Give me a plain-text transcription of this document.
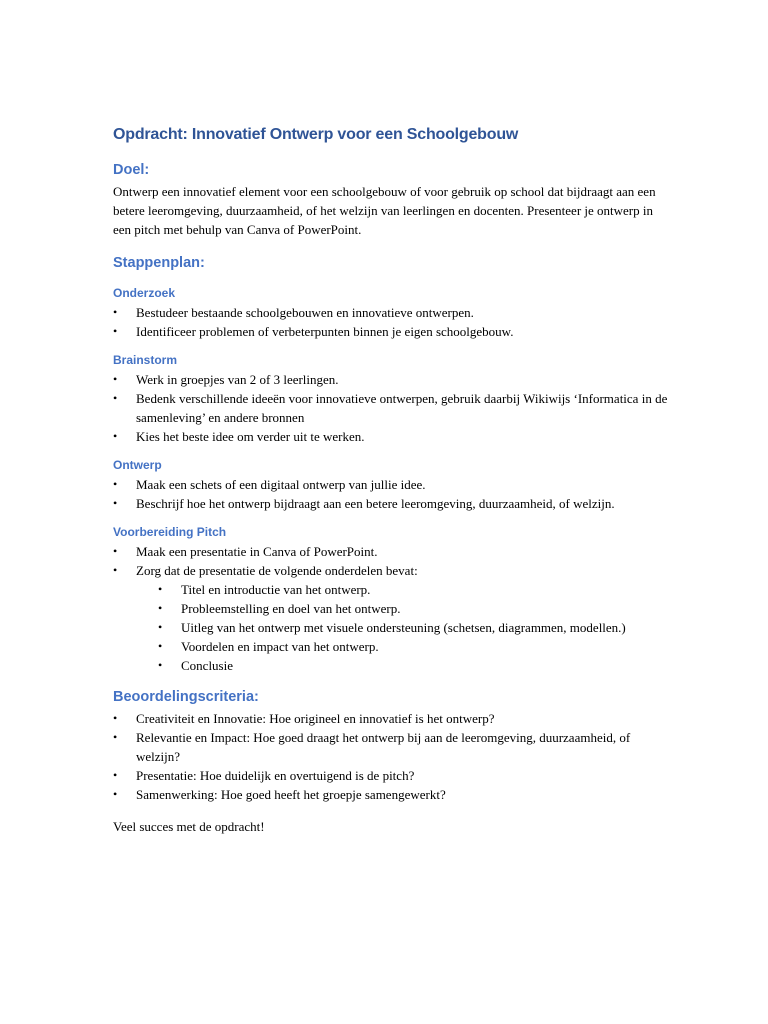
Opdracht: Innovatief Ontwerp voor een Schoolgebouw
Doel:

Ontwerp een innovatief element voor een schoolgebouw of voor gebruik op school dat bijdraagt aan een betere leeromgeving, duurzaamheid, of het welzijn van leerlingen en docenten. Presenteer je ontwerp in een pitch met behulp van Canva of PowerPoint.

Stappenplan:
Onderzoek
• Bestudeer bestaande schoolgebouwen en innovatieve ontwerpen.
• Identificeer problemen of verbeterpunten binnen je eigen schoolgebouw.
Brainstorm
• Werk in groepjes van 2 of 3 leerlingen.
• Bedenk verschillende ideeën voor innovatieve ontwerpen, gebruik daarbij Wikiwijs ‘Informatica in de samenleving’ en andere bronnen
• Kies het beste idee om verder uit te werken.
Ontwerp
• Maak een schets of een digitaal ontwerp van jullie idee.
• Beschrijf hoe het ontwerp bijdraagt aan een betere leeromgeving, duurzaamheid, of welzijn.
Voorbereiding Pitch
• Maak een presentatie in Canva of PowerPoint.
• Zorg dat de presentatie de volgende onderdelen bevat:
• Titel en introductie van het ontwerp.
• Probleemstelling en doel van het ontwerp.
• Uitleg van het ontwerp met visuele ondersteuning (schetsen, diagrammen, modellen.)
• Voordelen en impact van het ontwerp.
• Conclusie
Beoordelingscriteria:
• Creativiteit en Innovatie: Hoe origineel en innovatief is het ontwerp?
• Relevantie en Impact: Hoe goed draagt het ontwerp bij aan de leeromgeving, duurzaamheid, of welzijn?
• Presentatie: Hoe duidelijk en overtuigend is de pitch?
• Samenwerking: Hoe goed heeft het groepje samengewerkt?

Veel succes met de opdracht!
